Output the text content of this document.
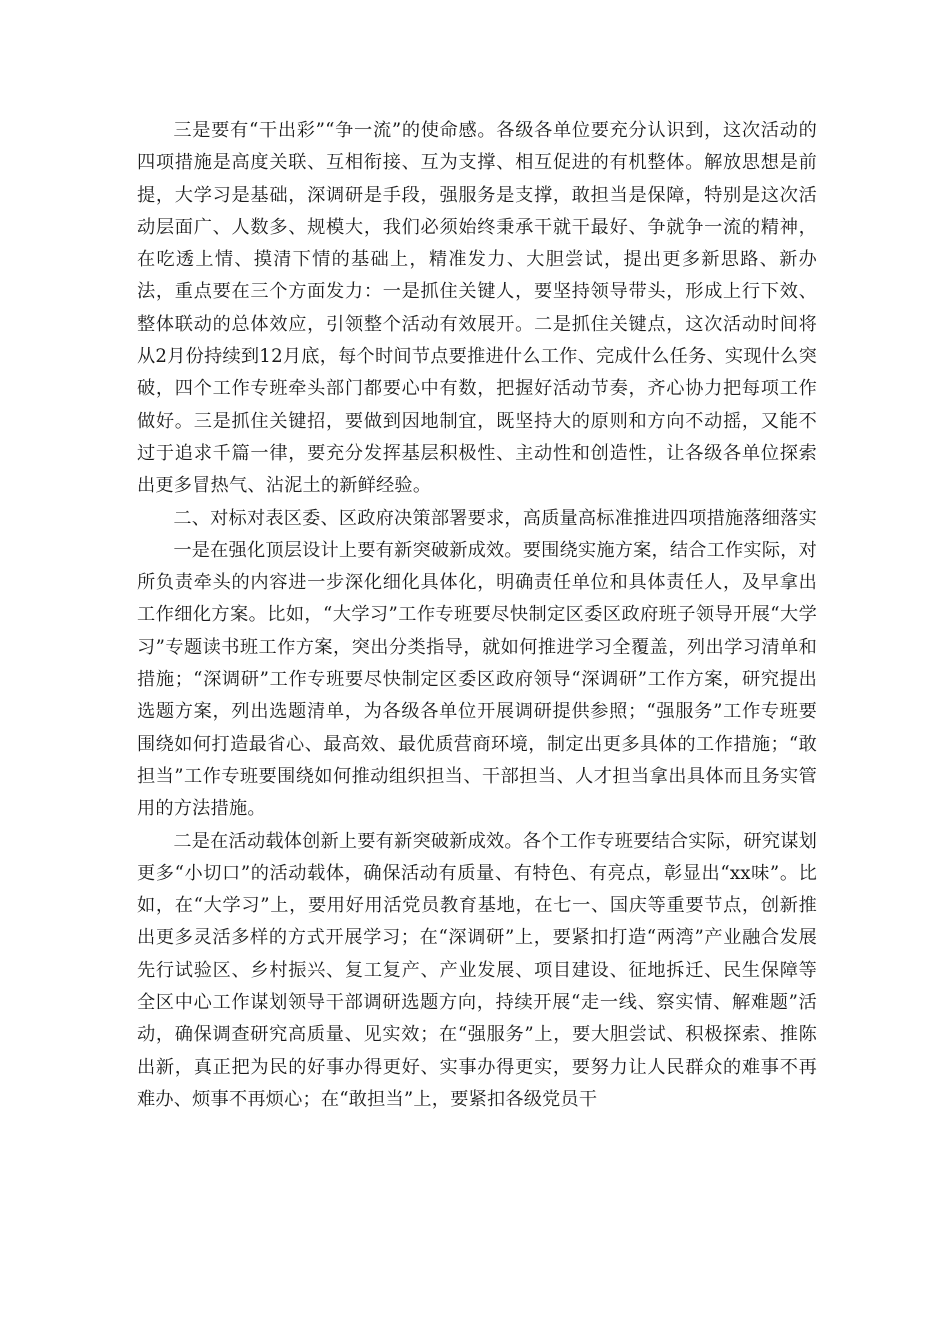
三是要有“干出彩”“争一流”的使命感。各级各单位要充分认识到，这次活动的四项措施是高度关联、互相衔接、互为支撑、相互促进的有机整体。解放思想是前提，大学习是基础，深调研是手段，强服务是支撑，敢担当是保障，特别是这次活动层面广、人数多、规模大，我们必须始终秉承干就干最好、争就争一流的精神，在吃透上情、摸清下情的基础上，精准发力、大胆尝试，提出更多新思路、新办法，重点要在三个方面发力：一是抓住关键人，要坚持领导带头，形成上行下效、整体联动的总体效应，引领整个活动有效展开。二是抓住关键点，这次活动时间将从2月份持续到12月底，每个时间节点要推进什么工作、完成什么任务、实现什么突破，四个工作专班牵头部门都要心中有数，把握好活动节奏，齐心协力把每项工作做好。三是抓住关键招，要做到因地制宜，既坚持大的原则和方向不动摇，又能不过于追求千篇一律，要充分发挥基层积极性、主动性和创造性，让各级各单位探索出更多冒热气、沾泥土的新鲜经验。

二、对标对表区委、区政府决策部署要求，高质量高标准推进四项措施落细落实

一是在强化顶层设计上要有新突破新成效。要围绕实施方案，结合工作实际，对所负责牵头的内容进一步深化细化具体化，明确责任单位和具体责任人，及早拿出工作细化方案。比如，“大学习”工作专班要尽快制定区委区政府班子领导开展“大学习”专题读书班工作方案，突出分类指导，就如何推进学习全覆盖，列出学习清单和措施；“深调研”工作专班要尽快制定区委区政府领导“深调研”工作方案，研究提出选题方案，列出选题清单，为各级各单位开展调研提供参照；“强服务”工作专班要围绕如何打造最省心、最高效、最优质营商环境，制定出更多具体的工作措施；“敢担当”工作专班要围绕如何推动组织担当、干部担当、人才担当拿出具体而且务实管用的方法措施。

二是在活动载体创新上要有新突破新成效。各个工作专班要结合实际，研究谋划更多“小切口”的活动载体，确保活动有质量、有特色、有亮点，彰显出“xx味”。比如，在“大学习”上，要用好用活党员教育基地，在七一、国庆等重要节点，创新推出更多灵活多样的方式开展学习；在“深调研”上，要紧扣打造“两湾”产业融合发展先行试验区、乡村振兴、复工复产、产业发展、项目建设、征地拆迁、民生保障等全区中心工作谋划领导干部调研选题方向，持续开展“走一线、察实情、解难题”活动，确保调查研究高质量、见实效；在“强服务”上，要大胆尝试、积极探索、推陈出新，真正把为民的好事办得更好、实事办得更实，要努力让人民群众的难事不再难办、烦事不再烦心；在“敢担当”上，要紧扣各级党员干
